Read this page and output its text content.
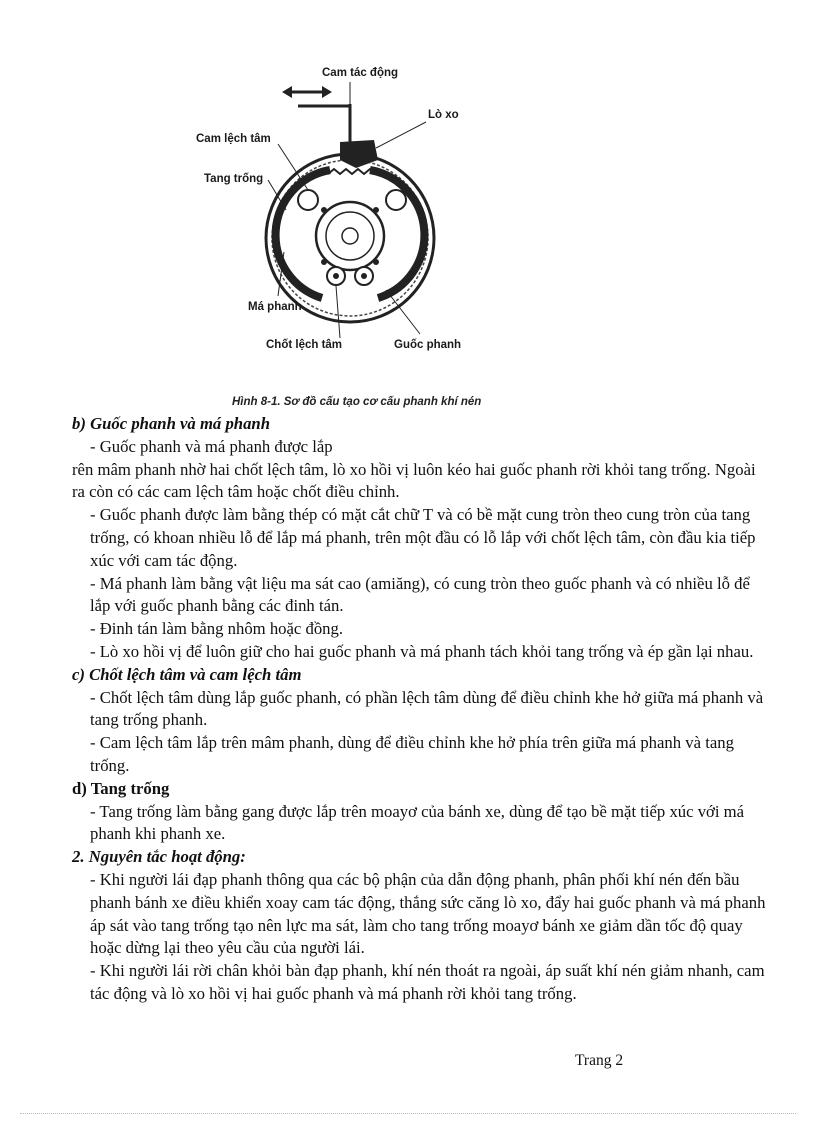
Cam tác động
Lò xo
Cam lệch tâm
Tang trống
Má phanh
Chốt lệch tâm	Guốc phanh
Hình 8-1. Sơ đồ cấu tạo cơ cấu phanh khí nén

b) Guốc phanh và má phanh

- Guốc phanh và má phanh được lắp

rên mâm phanh nhờ hai chốt lệch tâm, lò xo hồi vị luôn kéo hai guốc phanh rời khỏi tang trống. Ngoài ra còn có các cam lệch tâm hoặc chốt điều chỉnh.

- Guốc phanh được làm bằng thép có mặt cắt chữ T và có bề mặt cung tròn theo cung tròn của tang trống, có khoan nhiều lỗ để lắp má phanh, trên một đầu có lỗ lắp với chốt lệch tâm, còn đầu kia tiếp xúc với cam tác động.

- Má phanh làm bằng vật liệu ma sát cao (amiăng), có cung tròn theo guốc phanh và có nhiều lỗ để lắp với guốc phanh bằng các đinh tán.

- Đinh tán làm bằng nhôm hoặc đồng.

- Lò xo hồi vị để luôn giữ cho hai guốc phanh và má phanh tách khỏi tang trống và ép gần lại nhau.

c) Chốt lệch tâm và cam lệch tâm

- Chốt lệch tâm dùng lắp guốc phanh, có phần lệch tâm dùng để điều chỉnh khe hở giữa má phanh và tang trống phanh.

- Cam lệch tâm lắp trên mâm phanh, dùng để điều chỉnh khe hở phía trên giữa má phanh và tang trống.

d) Tang trống

- Tang trống làm bằng gang được lắp trên moayơ của bánh xe, dùng để tạo bề mặt tiếp xúc với má phanh khi phanh xe.

2. Nguyên tắc hoạt động:

- Khi người lái đạp phanh thông qua các bộ phận của dẫn động phanh, phân phối khí nén đến bầu phanh bánh xe điều khiển xoay cam tác động, thắng sức căng lò xo, đẩy hai guốc phanh và má phanh áp sát vào tang trống tạo nên lực ma sát, làm cho tang trống moayơ bánh xe giảm dần tốc độ quay hoặc dừng lại theo yêu cầu của người lái.

- Khi người lái rời chân khỏi bàn đạp phanh, khí nén thoát ra ngoài, áp suất khí nén giảm nhanh, cam tác động và lò xo hồi vị hai guốc phanh và má phanh rời khỏi tang trống.

Trang 2
